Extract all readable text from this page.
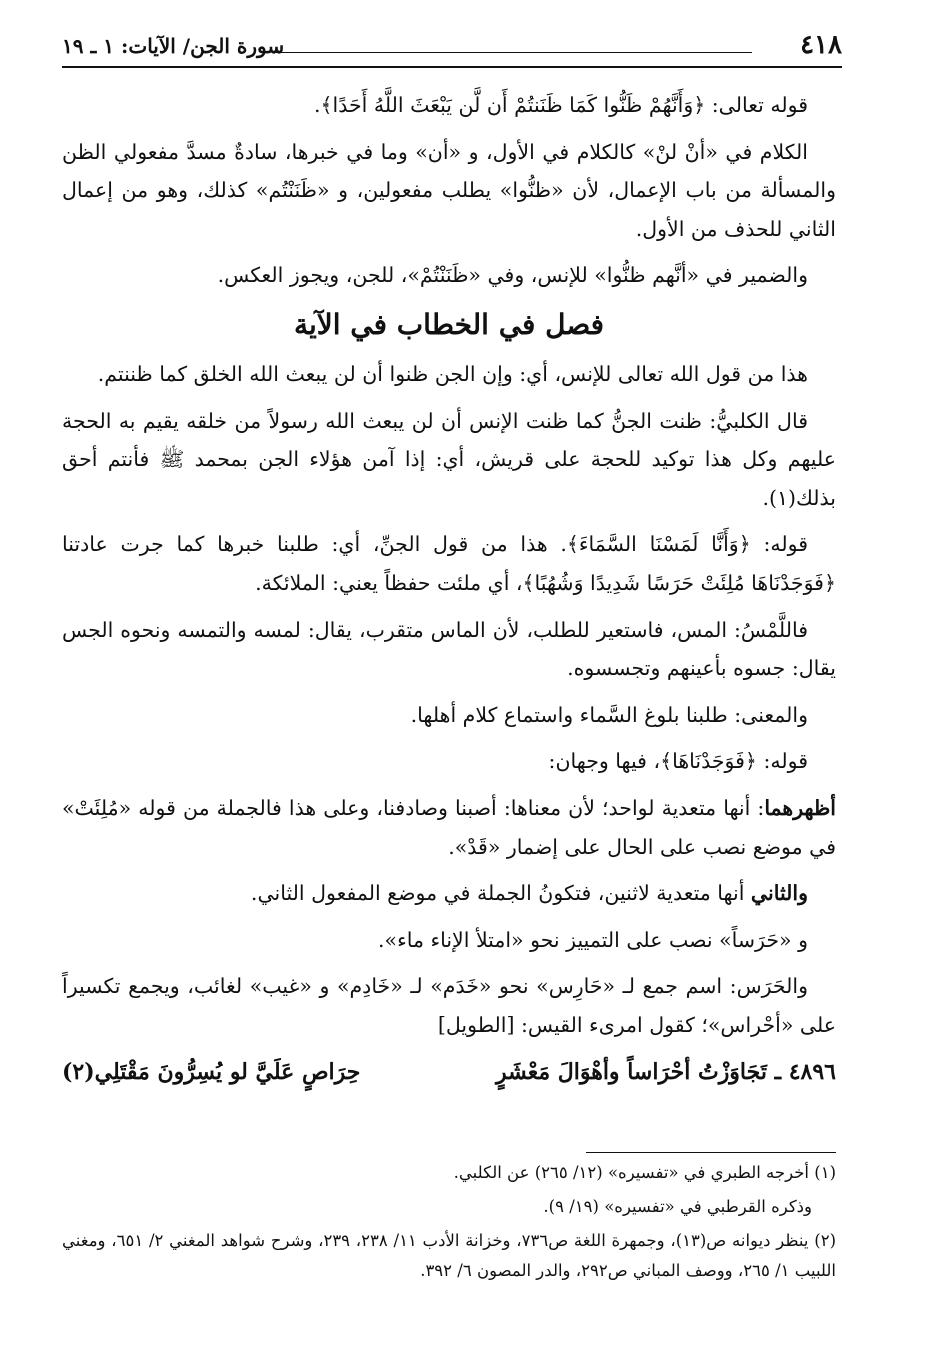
٤١٨
سورة الجن/ الآيات: ١ ـ ١٩

قوله تعالى: ﴿وَأَنَّهُمْ ظَنُّوا كَمَا ظَنَنتُمْ أَن لَّن يَبْعَثَ اللَّهُ أَحَدًا﴾.

الكلام في «أنْ لنْ» كالكلام في الأول، و «أن» وما في خبرها، سادةٌ مسدَّ مفعولي الظن والمسألة من باب الإعمال، لأن «ظنُّوا» يطلب مفعولين، و «ظَنَنْتُم» كذلك، وهو من إعمال الثاني للحذف من الأول.

والضمير في «أنَّهم ظنُّوا» للإنس، وفي «ظَنَنْتُمْ»، للجن، ويجوز العكس.

فصل في الخطاب في الآية

هذا من قول الله تعالى للإنس، أي: وإن الجن ظنوا أن لن يبعث الله الخلق كما ظننتم.

قال الكلبيُّ: ظنت الجنُّ كما ظنت الإنس أن لن يبعث الله رسولاً من خلقه يقيم به الحجة عليهم وكل هذا توكيد للحجة على قريش، أي: إذا آمن هؤلاء الجن بمحمد ﷺ فأنتم أحق بذلك(١).

قوله: ﴿وَأَنَّا لَمَسْنَا السَّمَاءَ﴾. هذا من قول الجنِّ، أي: طلبنا خبرها كما جرت عادتنا ﴿فَوَجَدْنَاهَا مُلِئَتْ حَرَسًا شَدِيدًا وَشُهُبًا﴾، أي ملئت حفظاً يعني: الملائكة.

فاللَّمْسُ: المس، فاستعير للطلب، لأن الماس متقرب، يقال: لمسه والتمسه ونحوه الجس يقال: جسوه بأعينهم وتجسسوه.

والمعنى: طلبنا بلوغ السَّماء واستماع كلام أهلها.

قوله: ﴿فَوَجَدْنَاهَا﴾، فيها وجهان:

أظهرهما: أنها متعدية لواحد؛ لأن معناها: أصبنا وصادفنا، وعلى هذا فالجملة من قوله «مُلِئَتْ» في موضع نصب على الحال على إضمار «قَدْ».

والثاني أنها متعدية لاثنين، فتكونُ الجملة في موضع المفعول الثاني.

و «حَرَساً» نصب على التمييز نحو «امتلأ الإناء ماء».

والحَرَس: اسم جمع لـ «حَارِس» نحو «خَدَم» لـ «خَادِم» و «غيب» لغائب، ويجمع تكسيراً على «أحْراس»؛ كقول امرىء القيس: [الطويل]

٤٨٩٦ ـ تَجَاوَزْتُ أحْرَاساً وأهْوَالَ مَعْشَرٍ
حِرَاصٍ عَلَيَّ لو يُسِرُّونَ مَقْتَلِي(٢)

(١) أخرجه الطبري في «تفسيره» (١٢/ ٢٦٥) عن الكلبي.

وذكره القرطبي في «تفسيره» (١٩/ ٩).

(٢) ينظر ديوانه ص(١٣)، وجمهرة اللغة ص٧٣٦، وخزانة الأدب ١١/ ٢٣٨، ٢٣٩، وشرح شواهد المغني ٢/ ٦٥١، ومغني اللبيب ١/ ٢٦٥، ووصف المباني ص٢٩٢، والدر المصون ٦/ ٣٩٢.
